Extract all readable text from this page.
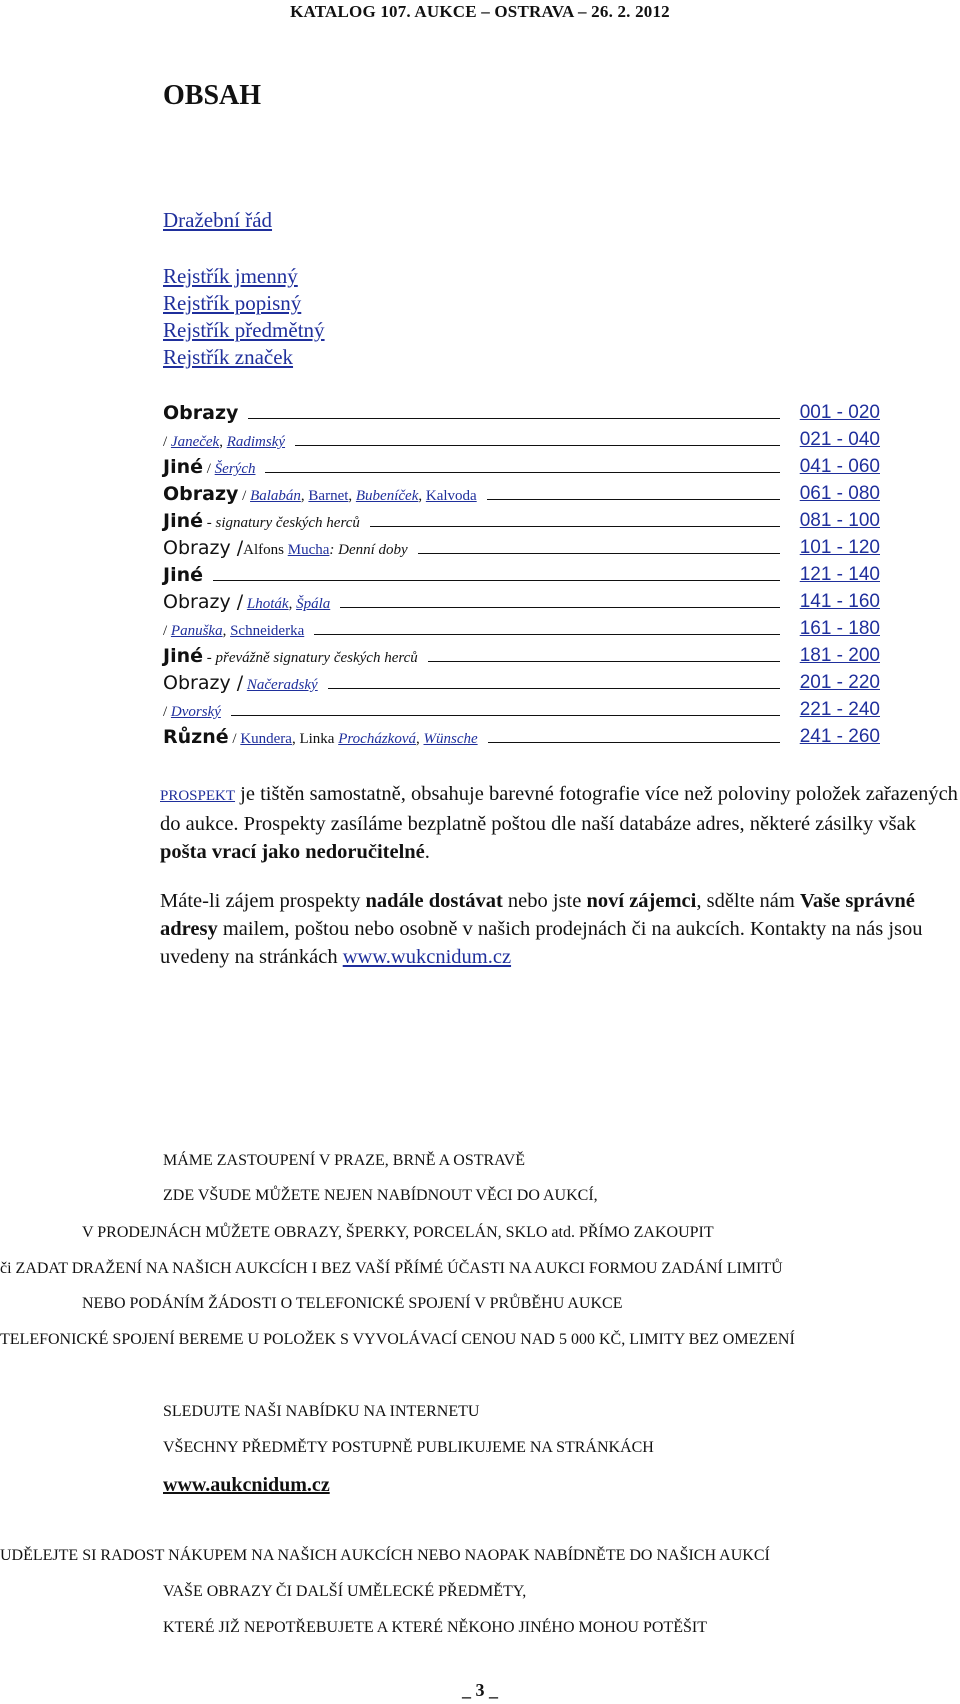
KATALOG 107. AUKCE – OSTRAVA – 26. 2. 2012
OBSAH
Dražební řád
Rejstřík jmenný
Rejstřík popisný
Rejstřík předmětný
Rejstřík značek
Obrazy	001 - 020
/ Janeček, Radimský	021 - 040
Jiné / Šerých	041 - 060
Obrazy / Balabán, Barnet, Bubeníček, Kalvoda	061 - 080
Jiné - signatury českých herců	081 - 100
Obrazy /Alfons Mucha: Denní doby	101 - 120
Jiné	121 - 140
Obrazy / Lhoták, Špála	141 - 160
/ Panuška, Schneiderka	161 - 180
Jiné - převážně signatury českých herců	181 - 200
Obrazy / Načeradský	201 - 220
/ Dvorský	221 - 240
Různé / Kundera, Linka Procházková, Wünsche	241 - 260
PROSPEKT je tištěn samostatně, obsahuje barevné fotografie více než poloviny položek zařazených do aukce. Prospekty zasíláme bezplatně poštou dle naší databáze adres, některé zásilky však pošta vrací jako nedoručitelné.
Máte-li zájem prospekty nadále dostávat nebo jste noví zájemci, sdělte nám Vaše správné adresy mailem, poštou nebo osobně v našich prodejnách či na aukcích. Kontakty na nás jsou uvedeny na stránkách www.wukcnidum.cz
MÁME ZASTOUPENÍ V PRAZE, BRNĚ A OSTRAVĚ
ZDE VŠUDE MŮŽETE NEJEN NABÍDNOUT VĚCI DO AUKCÍ,
V PRODEJNÁCH MŮŽETE OBRAZY, ŠPERKY, PORCELÁN, SKLO atd. PŘÍMO ZAKOUPIT
či ZADAT DRAŽENÍ NA NAŠICH AUKCÍCH I BEZ VAŠÍ PŘÍMÉ ÚČASTI NA AUKCI FORMOU ZADÁNÍ LIMITŮ
NEBO PODÁNÍM ŽÁDOSTI O TELEFONICKÉ SPOJENÍ V PRŮBĚHU AUKCE
TELEFONICKÉ SPOJENÍ BEREME U POLOŽEK S VYVOLÁVACÍ CENOU NAD 5 000 KČ, LIMITY BEZ OMEZENÍ
SLEDUJTE NAŠI NABÍDKU NA INTERNETU
VŠECHNY PŘEDMĚTY POSTUPNĚ PUBLIKUJEME NA STRÁNKÁCH
www.aukcnidum.cz
UDĚLEJTE SI RADOST NÁKUPEM NA NAŠICH AUKCÍCH NEBO NAOPAK NABÍDNĚTE DO NAŠICH AUKCÍ
VAŠE OBRAZY ČI DALŠÍ UMĚLECKÉ PŘEDMĚTY,
KTERÉ JIŽ NEPOTŘEBUJETE A KTERÉ NĚKOHO JINÉHO MOHOU POTĚŠIT
_ 3 _
